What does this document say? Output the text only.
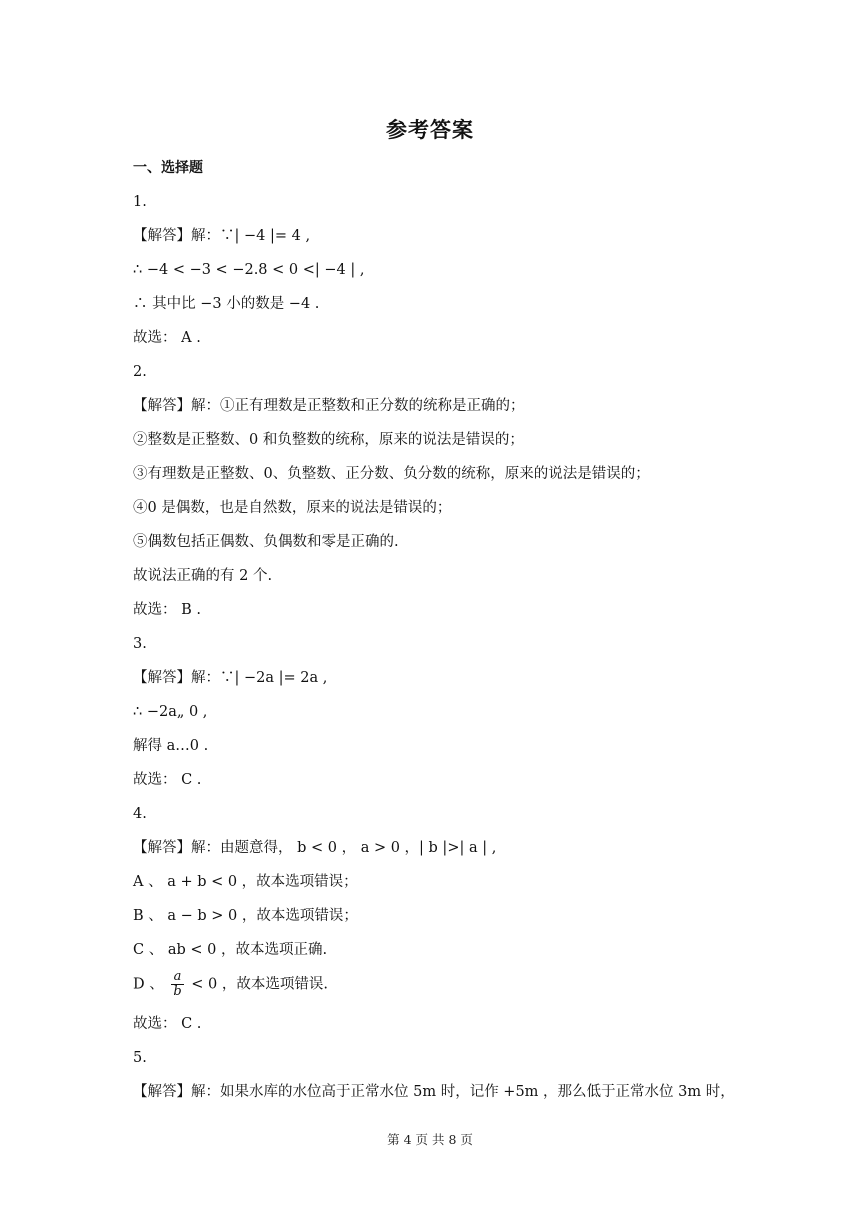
参考答案
一、选择题
1.
【解答】解：∵| −4 |= 4 ,
∴ −4 < −3 < −2.8 < 0 <| −4 | ,
∴ 其中比 −3 小的数是 −4 .
故选： A .
2.
【解答】解：①正有理数是正整数和正分数的统称是正确的；
②整数是正整数、0 和负整数的统称，原来的说法是错误的；
③有理数是正整数、0、负整数、正分数、负分数的统称，原来的说法是错误的；
④0 是偶数，也是自然数，原来的说法是错误的；
⑤偶数包括正偶数、负偶数和零是正确的.
故说法正确的有 2 个.
故选： B .
3.
【解答】解：∵| −2a |= 2a ,
∴ −2a„ 0 ,
解得 a…0 .
故选： C .
4.
【解答】解：由题意得， b < 0 ， a > 0 ，| b |>| a | ,
A 、 a + b < 0 ，故本选项错误；
B 、 a − b > 0 ，故本选项错误；
C 、 ab < 0 ，故本选项正确.
D 、 $\frac{a}{b} < 0$ ，故本选项错误.
故选： C .
5.
【解答】解：如果水库的水位高于正常水位 5m 时，记作 +5m ，那么低于正常水位 3m 时，
第 4 页 共 8 页
